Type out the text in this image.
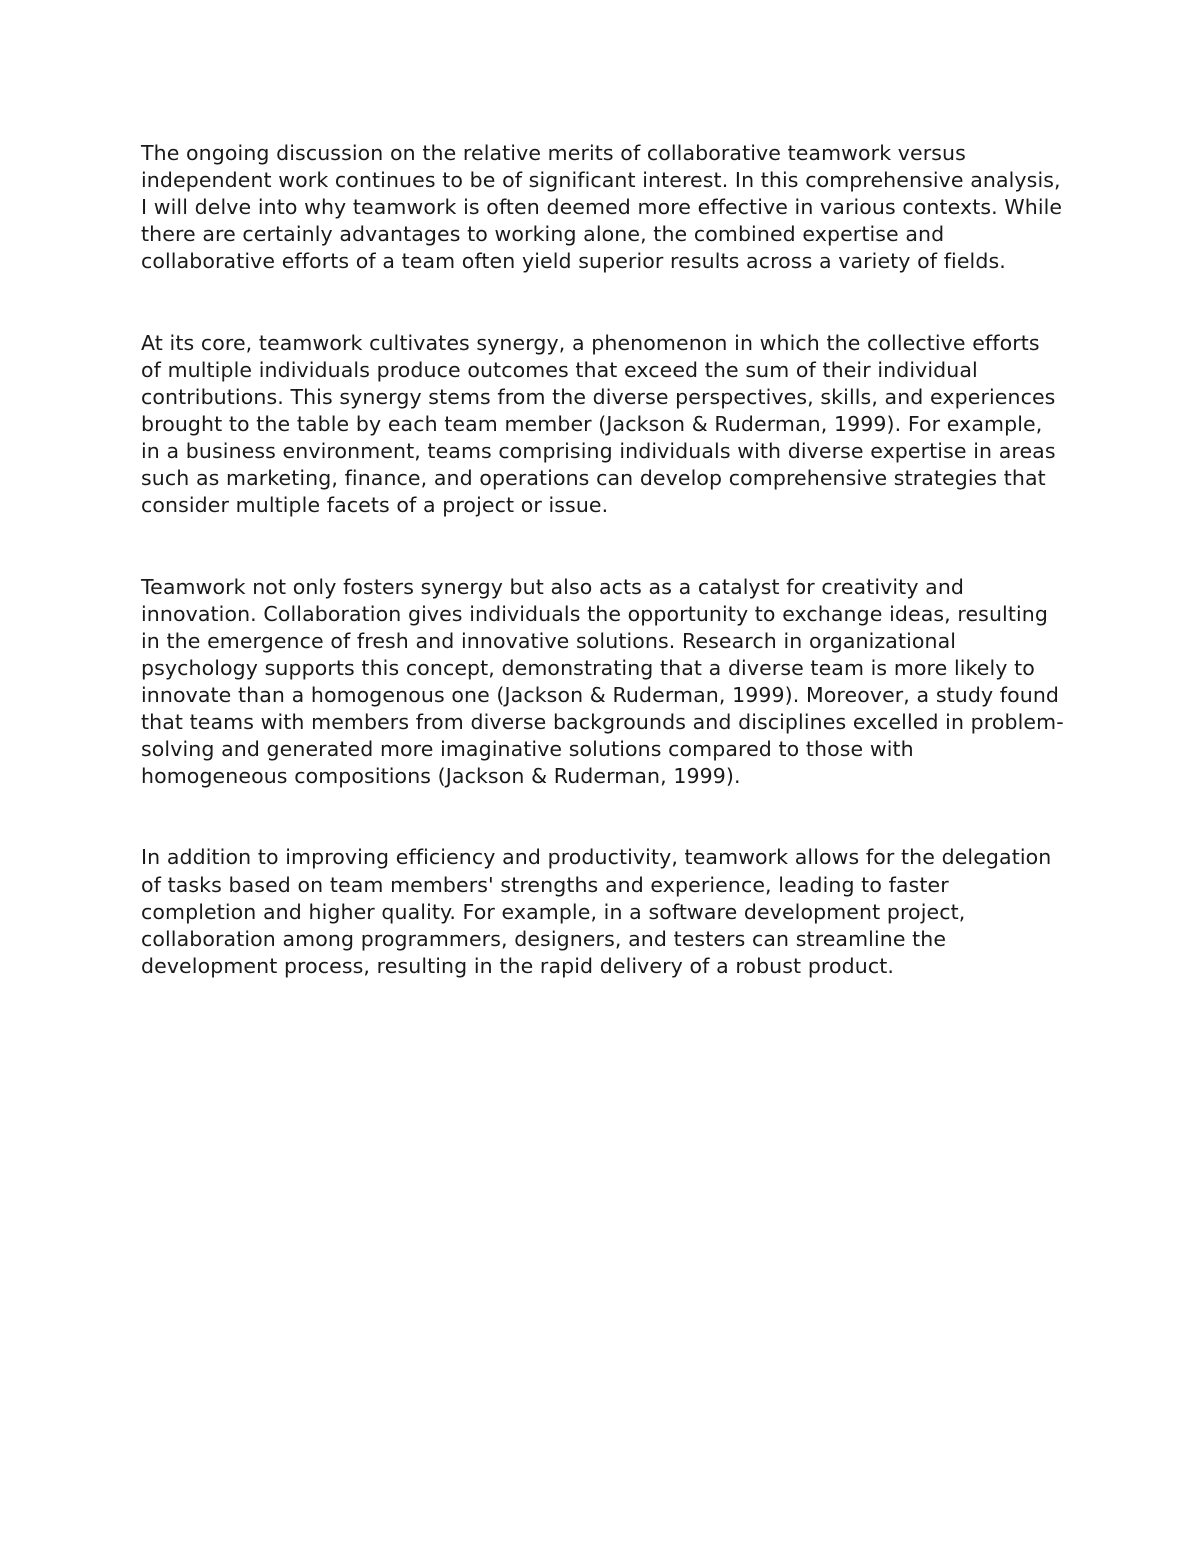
The ongoing discussion on the relative merits of collaborative teamwork versus independent work continues to be of significant interest. In this comprehensive analysis, I will delve into why teamwork is often deemed more effective in various contexts. While there are certainly advantages to working alone, the combined expertise and collaborative efforts of a team often yield superior results across a variety of fields.

At its core, teamwork cultivates synergy, a phenomenon in which the collective efforts of multiple individuals produce outcomes that exceed the sum of their individual contributions. This synergy stems from the diverse perspectives, skills, and experiences brought to the table by each team member (Jackson & Ruderman, 1999). For example, in a business environment, teams comprising individuals with diverse expertise in areas such as marketing, finance, and operations can develop comprehensive strategies that consider multiple facets of a project or issue.

Teamwork not only fosters synergy but also acts as a catalyst for creativity and innovation. Collaboration gives individuals the opportunity to exchange ideas, resulting in the emergence of fresh and innovative solutions. Research in organizational psychology supports this concept, demonstrating that a diverse team is more likely to innovate than a homogenous one (Jackson & Ruderman, 1999). Moreover, a study found that teams with members from diverse backgrounds and disciplines excelled in problem-solving and generated more imaginative solutions compared to those with homogeneous compositions (Jackson & Ruderman, 1999).

In addition to improving efficiency and productivity, teamwork allows for the delegation of tasks based on team members' strengths and experience, leading to faster completion and higher quality. For example, in a software development project, collaboration among programmers, designers, and testers can streamline the development process, resulting in the rapid delivery of a robust product.
